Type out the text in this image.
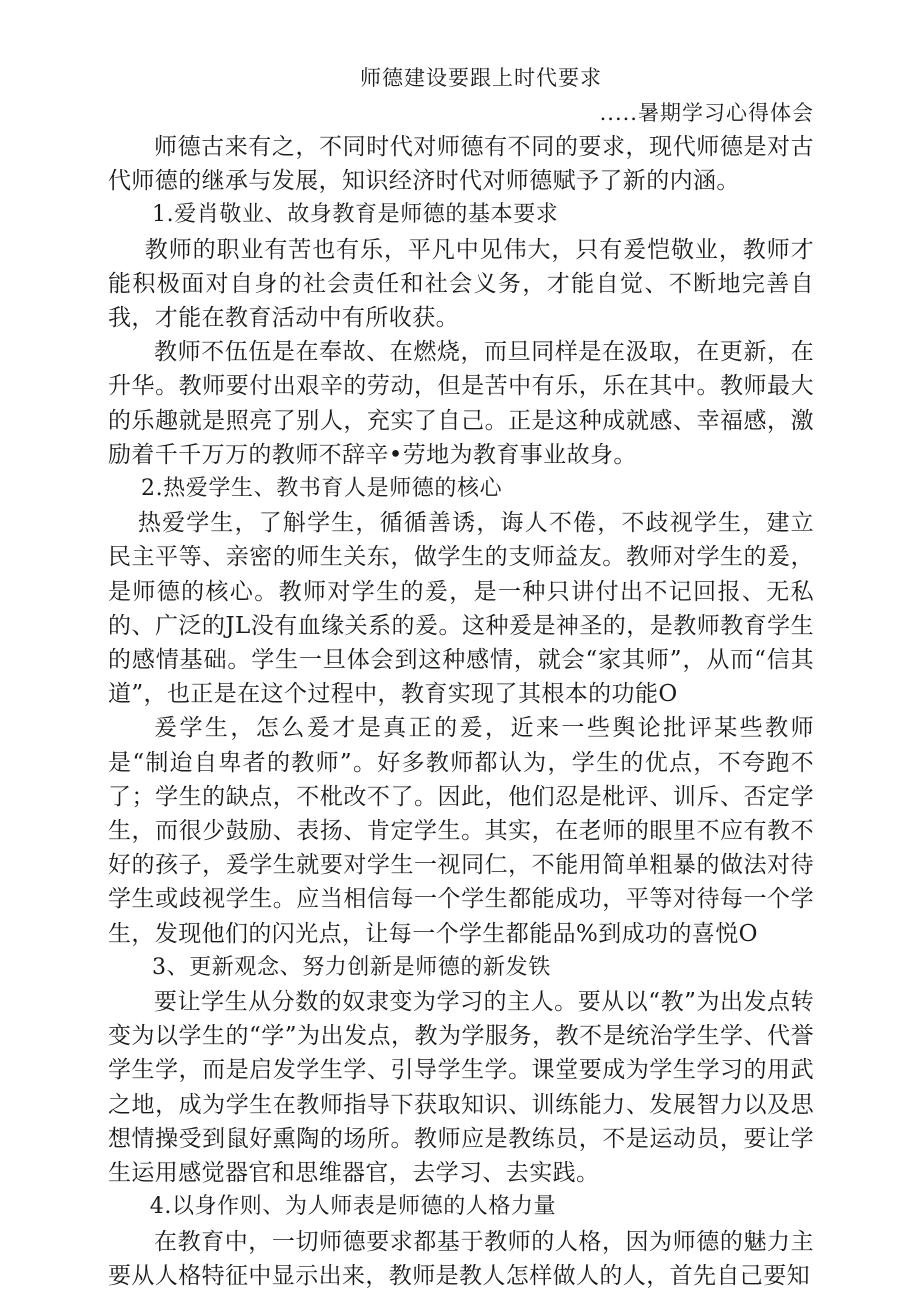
师德建设要跟上时代要求
.....暑期学习心得体会

师德古来有之，不同时代对师德有不同的要求，现代师德是对古代师德的继承与发展，知识经济时代对师德赋予了新的内涵。

1.爱肖敬业、故身教育是师德的基本要求

教师的职业有苦也有乐，平凡中见伟大，只有爰恺敬业，教师才能积极面对自身的社会责任和社会义务，才能自觉、不断地完善自我，才能在教育活动中有所收获。

教师不伍伍是在奉故、在燃烧，而旦同样是在汲取，在更新，在升华。教师要付出艰辛的劳动，但是苦中有乐，乐在其中。教师最大的乐趣就是照亮了别人，充实了自己。正是这种成就感、幸福感，激励着千千万万的教师不辞辛•劳地为教育事业故身。

2.热爱学生、教书育人是师德的核心

热爱学生，了斛学生，循循善诱，诲人不倦，不歧视学生，建立民主平等、亲密的师生关东，做学生的支师益友。教师对学生的爰，是师德的核心。教师对学生的爰，是一种只讲付出不记回报、无私的、广泛的JL没有血缘关系的爰。这种爰是神圣的，是教师教育学生的感情基础。学生一旦体会到这种感情，就会“家其师”，从而“信其道”，也正是在这个过程中，教育实现了其根本的功能O

爰学生，怎么爰才是真正的爰，近来一些舆论批评某些教师是“制迨自卑者的教师”。好多教师都认为，学生的优点，不夸跑不了；学生的缺点，不枇改不了。因此，他们忍是枇评、训斥、否定学生，而很少鼓励、表扬、肯定学生。其实，在老师的眼里不应有教不好的孩子，爰学生就要对学生一视同仁，不能用简单粗暴的做法对待学生或歧视学生。应当相信每一个学生都能成功，平等对待每一个学生，发现他们的闪光点，让每一个学生都能品%到成功的喜悦O

3、更新观念、努力创新是师德的新发铁

要让学生从分数的奴隶变为学习的主人。要从以“教”为出发点转变为以学生的“学”为出发点，教为学服务，教不是统治学生学、代誉学生学，而是启发学生学、引导学生学。课堂要成为学生学习的用武之地，成为学生在教师指导下获取知识、训练能力、发展智力以及思想情操受到鼠好熏陶的场所。教师应是教练员，不是运动员，要让学生运用感觉器官和思维器官，去学习、去实践。

4.以身作则、为人师表是师德的人格力量

在教育中，一切师德要求都基于教师的人格，因为师德的魅力主要从人格特征中显示出来，教师是教人怎样做人的人，首先自己要知
